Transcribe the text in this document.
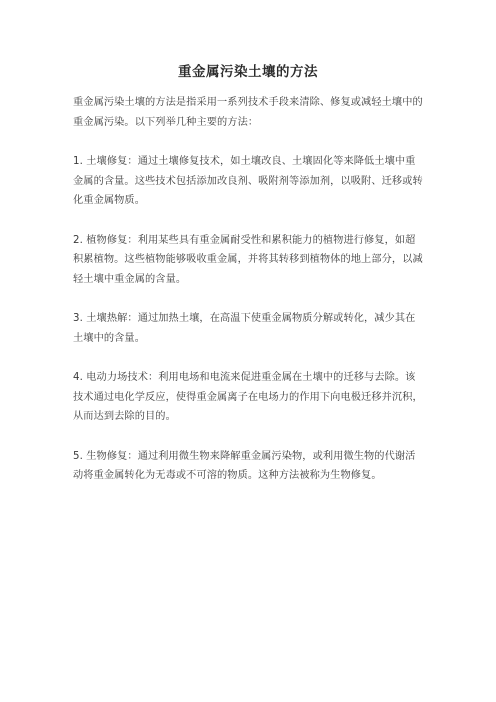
重金属污染土壤的方法

重金属污染土壤的方法是指采用一系列技术手段来清除、修复或减轻土壤中的重金属污染。以下列举几种主要的方法：

1. 土壤修复：通过土壤修复技术，如土壤改良、土壤固化等来降低土壤中重金属的含量。这些技术包括添加改良剂、吸附剂等添加剂，以吸附、迁移或转化重金属物质。

2. 植物修复：利用某些具有重金属耐受性和累积能力的植物进行修复，如超积累植物。这些植物能够吸收重金属，并将其转移到植物体的地上部分，以减轻土壤中重金属的含量。

3. 土壤热解：通过加热土壤，在高温下使重金属物质分解或转化，减少其在土壤中的含量。

4. 电动力场技术：利用电场和电流来促进重金属在土壤中的迁移与去除。该技术通过电化学反应，使得重金属离子在电场力的作用下向电极迁移并沉积，从而达到去除的目的。

5. 生物修复：通过利用微生物来降解重金属污染物，或利用微生物的代谢活动将重金属转化为无毒或不可溶的物质。这种方法被称为生物修复。
